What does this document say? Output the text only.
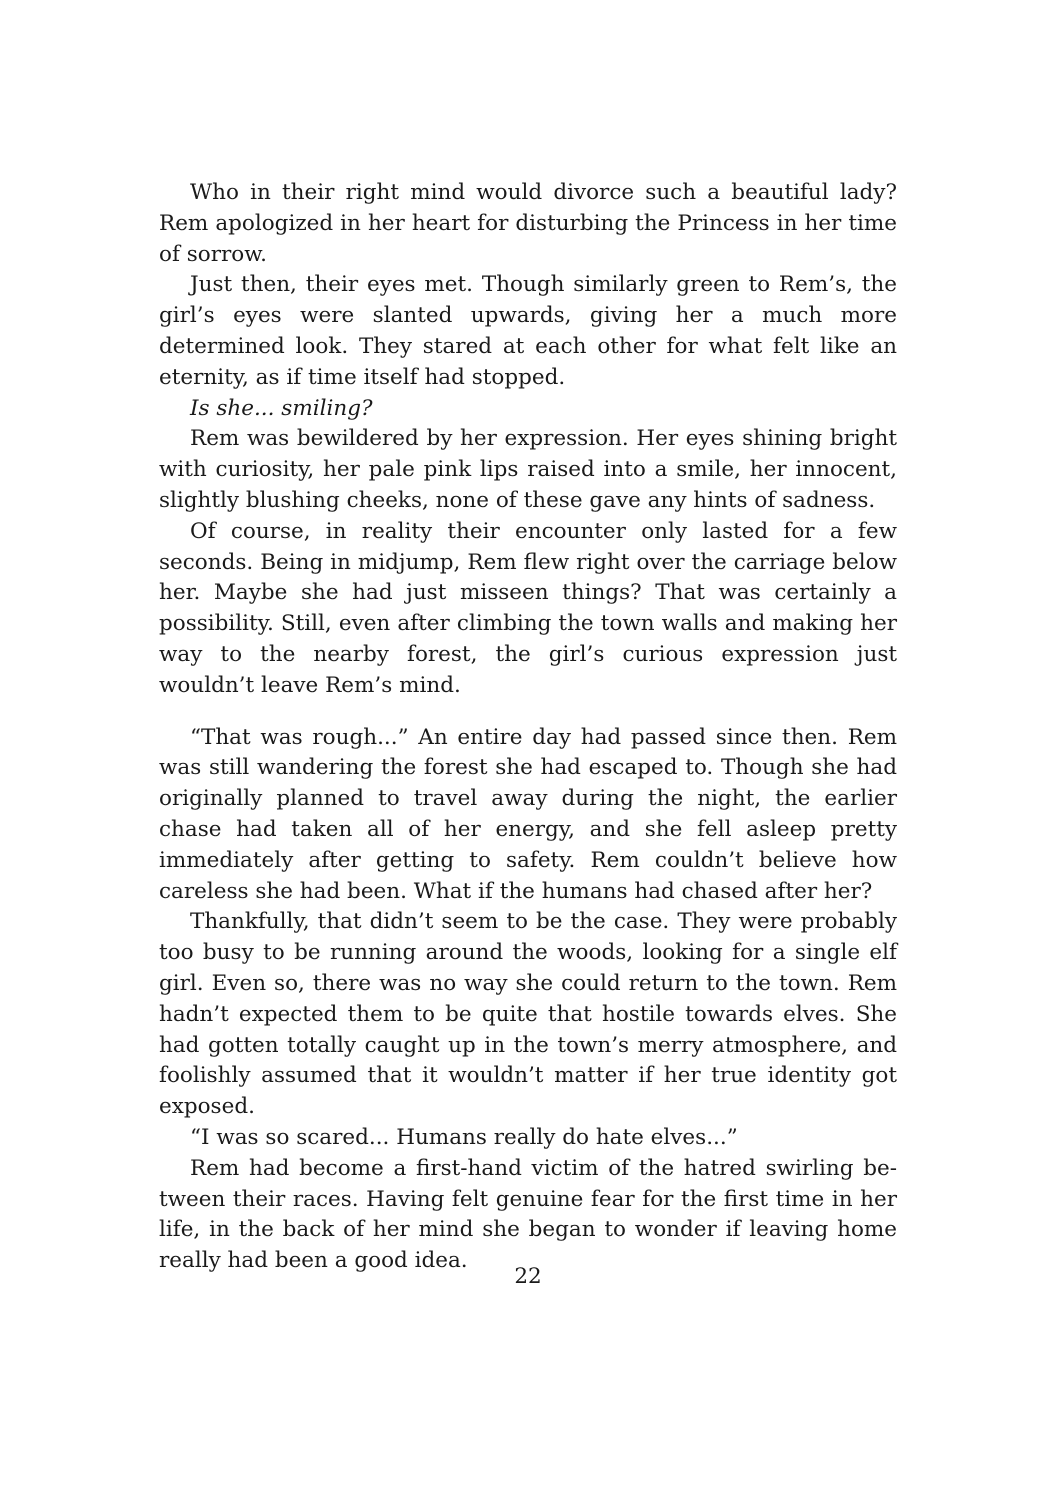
Who in their right mind would divorce such a beautiful lady? Rem apologized in her heart for disturbing the Princess in her time of sorrow.

Just then, their eyes met. Though similarly green to Rem’s, the girl’s eyes were slanted upwards, giving her a much more determined look. They stared at each other for what felt like an eternity, as if time itself had stopped.

Is she... smiling?

Rem was bewildered by her expression. Her eyes shining bright with curiosity, her pale pink lips raised into a smile, her innocent, slightly blushing cheeks, none of these gave any hints of sadness.

Of course, in reality their encounter only lasted for a few seconds. Being in midjump, Rem flew right over the carriage below her. Maybe she had just misseen things? That was certainly a possibility. Still, even after climbing the town walls and making her way to the nearby forest, the girl’s curious expression just wouldn’t leave Rem’s mind.

“That was rough...” An entire day had passed since then. Rem was still wandering the forest she had escaped to. Though she had originally planned to travel away during the night, the earlier chase had taken all of her energy, and she fell asleep pretty immediately after getting to safety. Rem couldn’t believe how careless she had been. What if the humans had chased after her?

Thankfully, that didn’t seem to be the case. They were probably too busy to be running around the woods, looking for a single elf girl. Even so, there was no way she could return to the town. Rem hadn’t expected them to be quite that hostile towards elves. She had gotten totally caught up in the town’s merry atmosphere, and foolishly assumed that it wouldn’t matter if her true identity got exposed.

“I was so scared... Humans really do hate elves...”

Rem had become a first-hand victim of the hatred swirling between their races. Having felt genuine fear for the first time in her life, in the back of her mind she began to wonder if leaving home really had been a good idea.

22
